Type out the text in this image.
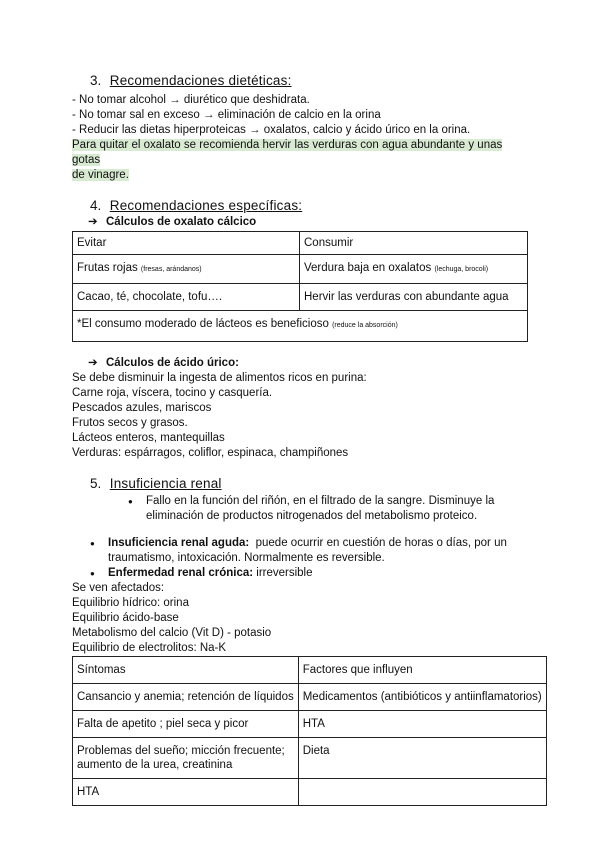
3. Recomendaciones dietéticas:

- No tomar alcohol → diurético que deshidrata.

- No tomar sal en exceso → eliminación de calcio en la orina

- Reducir las dietas hiperproteicas → oxalatos, calcio y ácido úrico en la orina.

Para quitar el oxalato se recomienda hervir las verduras con agua abundante y unas gotas
de vinagre.

4. Recomendaciones específicas:

➔ Cálculos de oxalato cálcico

Evitar	Consumir
Frutas rojas (fresas, arándanos)	Verdura baja en oxalatos (lechuga, brocoli)
Cacao, té, chocolate, tofu….	Hervir las verduras con abundante agua
*El consumo moderado de lácteos es beneficioso (reduce la absorción)	

➔ Cálculos de ácido úrico:

Se debe disminuir la ingesta de alimentos ricos en purina:

Carne roja, víscera, tocino y casquería.

Pescados azules, mariscos

Frutos secos y grasos.

Lácteos enteros, mantequillas

Verduras: espárragos, coliflor, espinaca, champiñones

5. Insuficiencia renal

● Fallo en la función del riñón, en el filtrado de la sangre. Disminuye la
eliminación de productos nitrogenados del metabolismo proteico.
● Insuficiencia renal aguda:  puede ocurrir en cuestión de horas o días, por un
traumatismo, intoxicación. Normalmente es reversible.
● Enfermedad renal crónica: irreversible

Se ven afectados:

Equilibrio hídrico: orina

Equilibrio ácido-base

Metabolismo del calcio (Vit D) - potasio

Equilibrio de electrolitos: Na-K

Síntomas	Factores que influyen
Cansancio y anemia; retención de líquidos	Medicamentos (antibióticos y antiinflamatorios)
Falta de apetito ; piel seca y picor	HTA
Problemas del sueño; micción frecuente; aumento de la urea, creatinina	Dieta
HTA	
